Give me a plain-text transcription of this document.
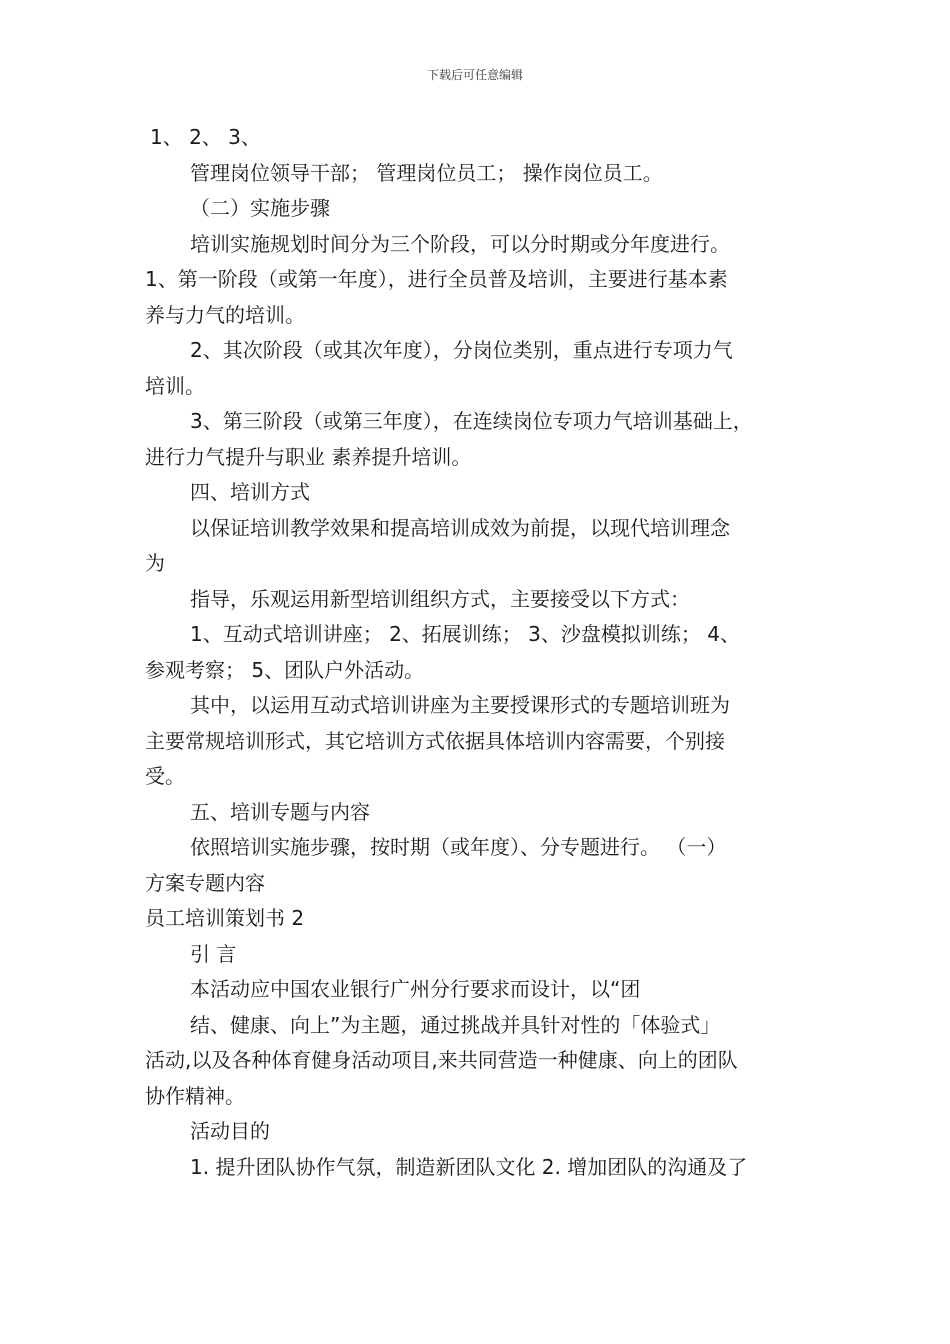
下载后可任意编辑

1、 2、 3、

管理岗位领导干部； 管理岗位员工； 操作岗位员工。

（二）实施步骤

培训实施规划时间分为三个阶段，可以分时期或分年度进行。

1、第一阶段（或第一年度），进行全员普及培训，主要进行基本素

养与力气的培训。

2、其次阶段（或其次年度），分岗位类别，重点进行专项力气

培训。

3、第三阶段（或第三年度），在连续岗位专项力气培训基础上，

进行力气提升与职业 素养提升培训。

四、培训方式

以保证培训教学效果和提高培训成效为前提，以现代培训理念

为

指导，乐观运用新型培训组织方式，主要接受以下方式：

1、互动式培训讲座； 2、拓展训练； 3、沙盘模拟训练； 4、

参观考察； 5、团队户外活动。

其中，以运用互动式培训讲座为主要授课形式的专题培训班为

主要常规培训形式，其它培训方式依据具体培训内容需要，个别接

受。

五、培训专题与内容

依照培训实施步骤，按时期（或年度）、分专题进行。 （一）

方案专题内容

员工培训策划书 2

引 言

本活动应中国农业银行广州分行要求而设计，以“团

结、健康、向上”为主题，通过挑战并具针对性的「体验式」

活动,以及各种体育健身活动项目,来共同营造一种健康、向上的团队

协作精神。

活动目的

1. 提升团队协作气氛，制造新团队文化 2. 增加团队的沟通及了
